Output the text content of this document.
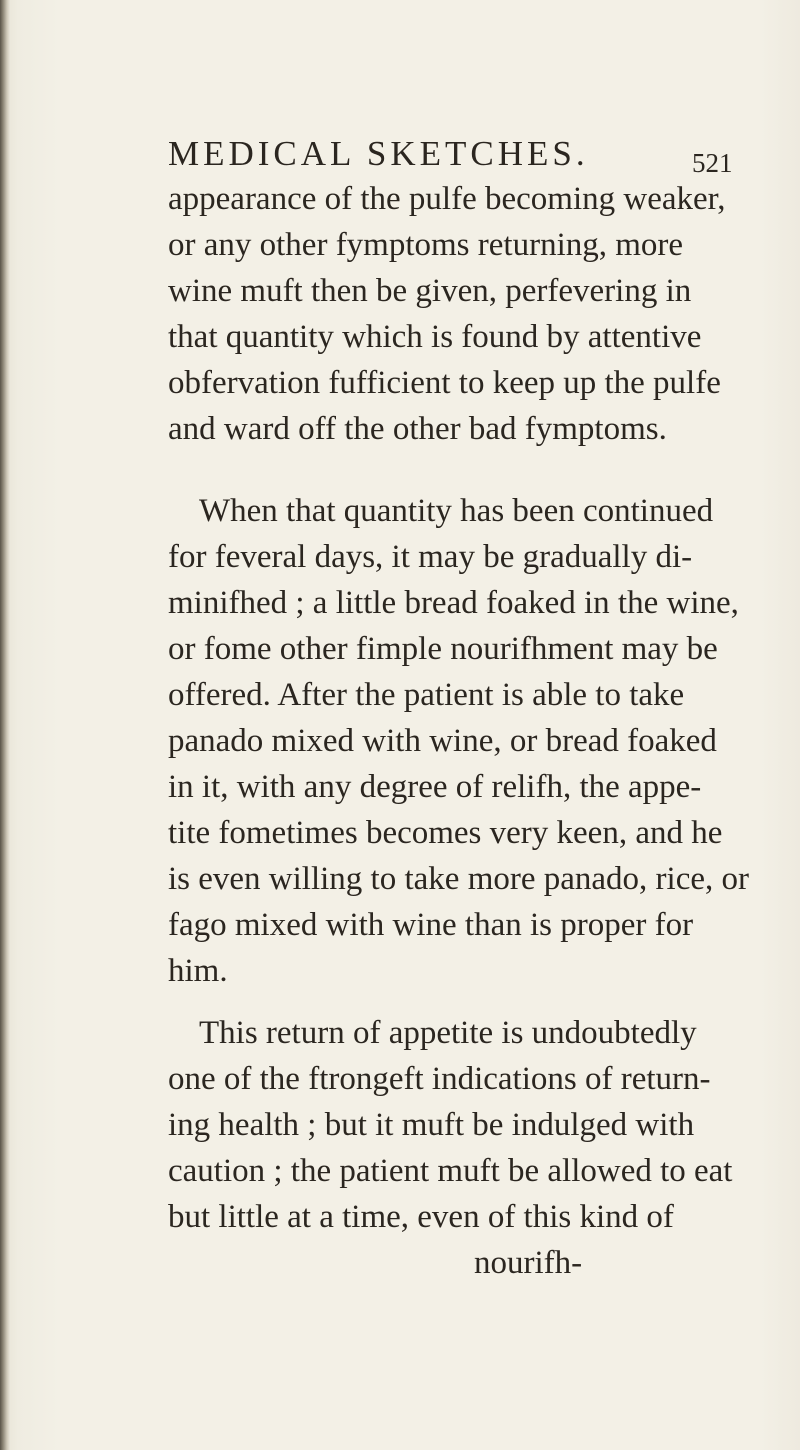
MEDICAL SKETCHES.	521
appearance of the pulfe becoming weaker,
or any other fymptoms returning, more
wine muft then be given, perfevering in
that quantity which is found by attentive
obfervation fufficient to keep up the pulfe
and ward off the other bad fymptoms.
When that quantity has been continued
for feveral days, it may be gradually di-
minifhed ; a little bread foaked in the wine,
or fome other fimple nourifhment may be
offered. After the patient is able to take
panado mixed with wine, or bread foaked
in it, with any degree of relifh, the appe-
tite fometimes becomes very keen, and he
is even willing to take more panado, rice, or
fago mixed with wine than is proper for
him.
This return of appetite is undoubtedly
one of the ftrongeft indications of return-
ing health ; but it muft be indulged with
caution ; the patient muft be allowed to eat
but little at a time, even of this kind of
nourifh-
